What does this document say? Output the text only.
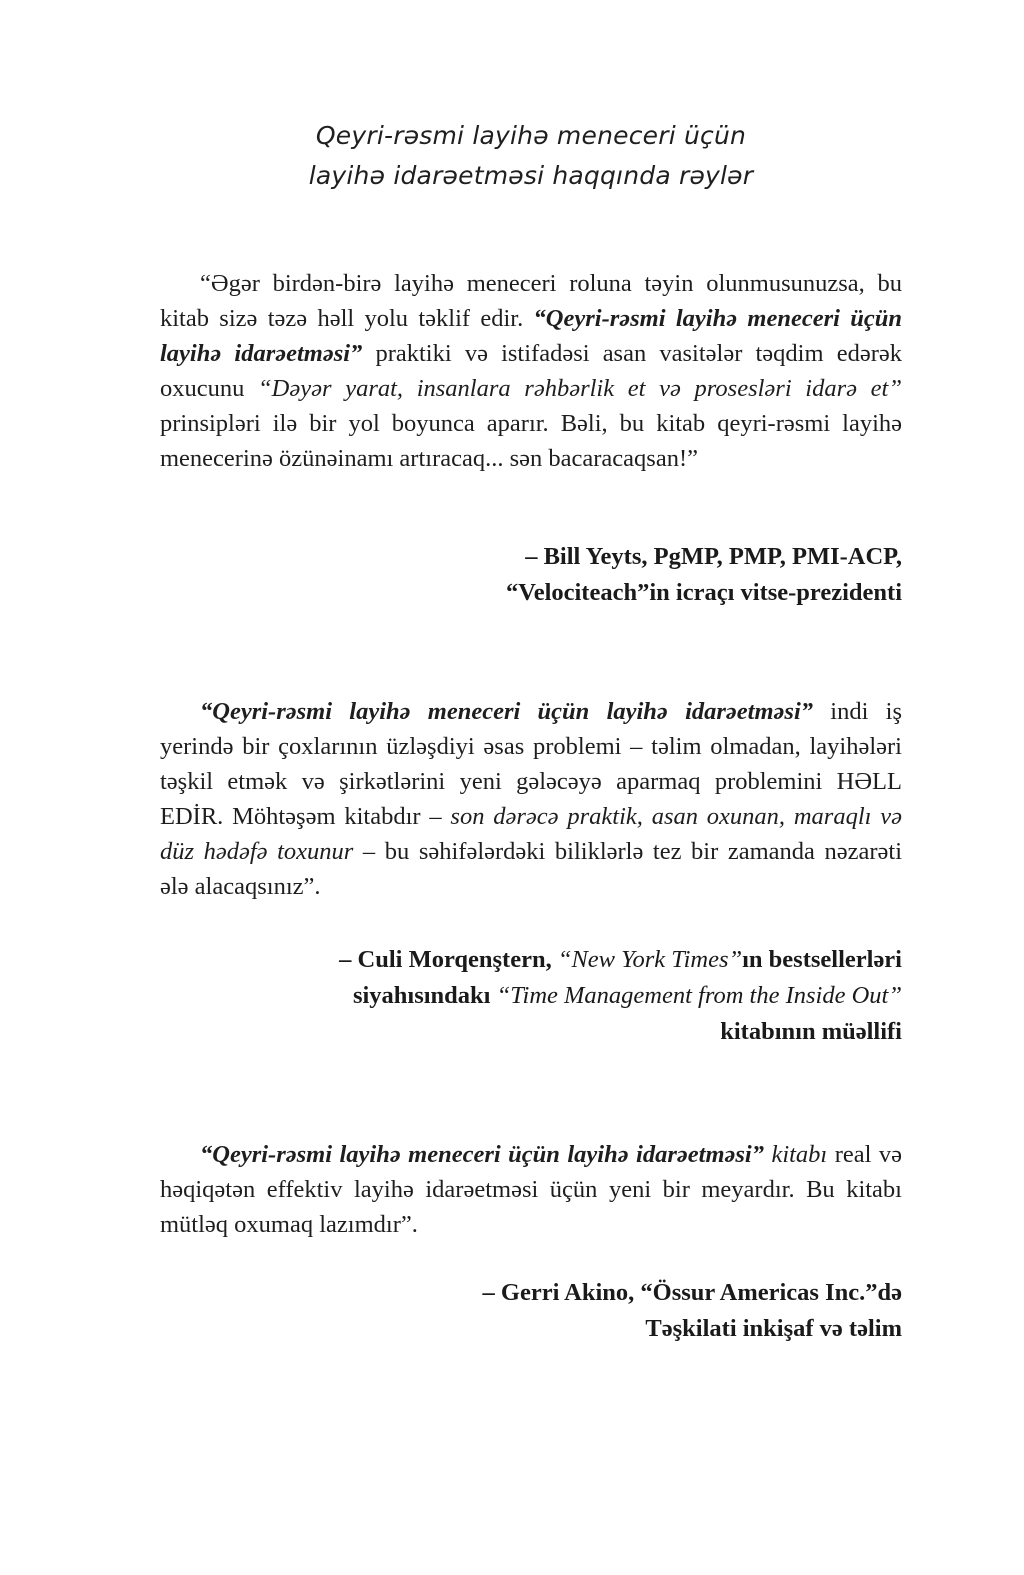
Qeyri-rəsmi layihə meneceri üçün
layihə idarəetməsi haqqında rəylər

“Əgər birdən-birə layihə meneceri roluna təyin olunmusunuzsa, bu kitab sizə təzə həll yolu təklif edir. “Qeyri-rəsmi layihə meneceri üçün layihə idarəetməsi” praktiki və istifadəsi asan vasitələr təqdim edərək oxucunu “Dəyər yarat, insanlara rəhbərlik et və prosesləri idarə et” prinsipləri ilə bir yol boyunca aparır. Bəli, bu kitab qeyri-rəsmi layihə menecerinə özünəinamı artıracaq... sən bacaracaqsan!”

– Bill Yeyts, PgMP, PMP, PMI-ACP,
“Velociteach”in icraçı vitse-prezidenti

“Qeyri-rəsmi layihə meneceri üçün layihə idarəetməsi” indi iş yerində bir çoxlarının üzləşdiyi əsas problemi – təlim olmadan, layihələri təşkil etmək və şirkətlərini yeni gələcəyə aparmaq problemini HƏLL EDİR. Möhtəşəm kitabdır – son dərəcə praktik, asan oxunan, maraqlı və düz hədəfə toxunur – bu səhifələrdəki biliklərlə tez bir zamanda nəzarəti ələ alacaqsınız”.

– Culi Morqenştern, “New York Times”ın bestsellerləri
siyahısındakı “Time Management from the Inside Out”
kitabının müəllifi

“Qeyri-rəsmi layihə meneceri üçün layihə idarəetməsi” kitabı real və həqiqətən effektiv layihə idarəetməsi üçün yeni bir meyardır. Bu kitabı mütləq oxumaq lazımdır”.

– Gerri Akino, “Össur Americas Inc.”də
Təşkilati inkişaf və təlim
